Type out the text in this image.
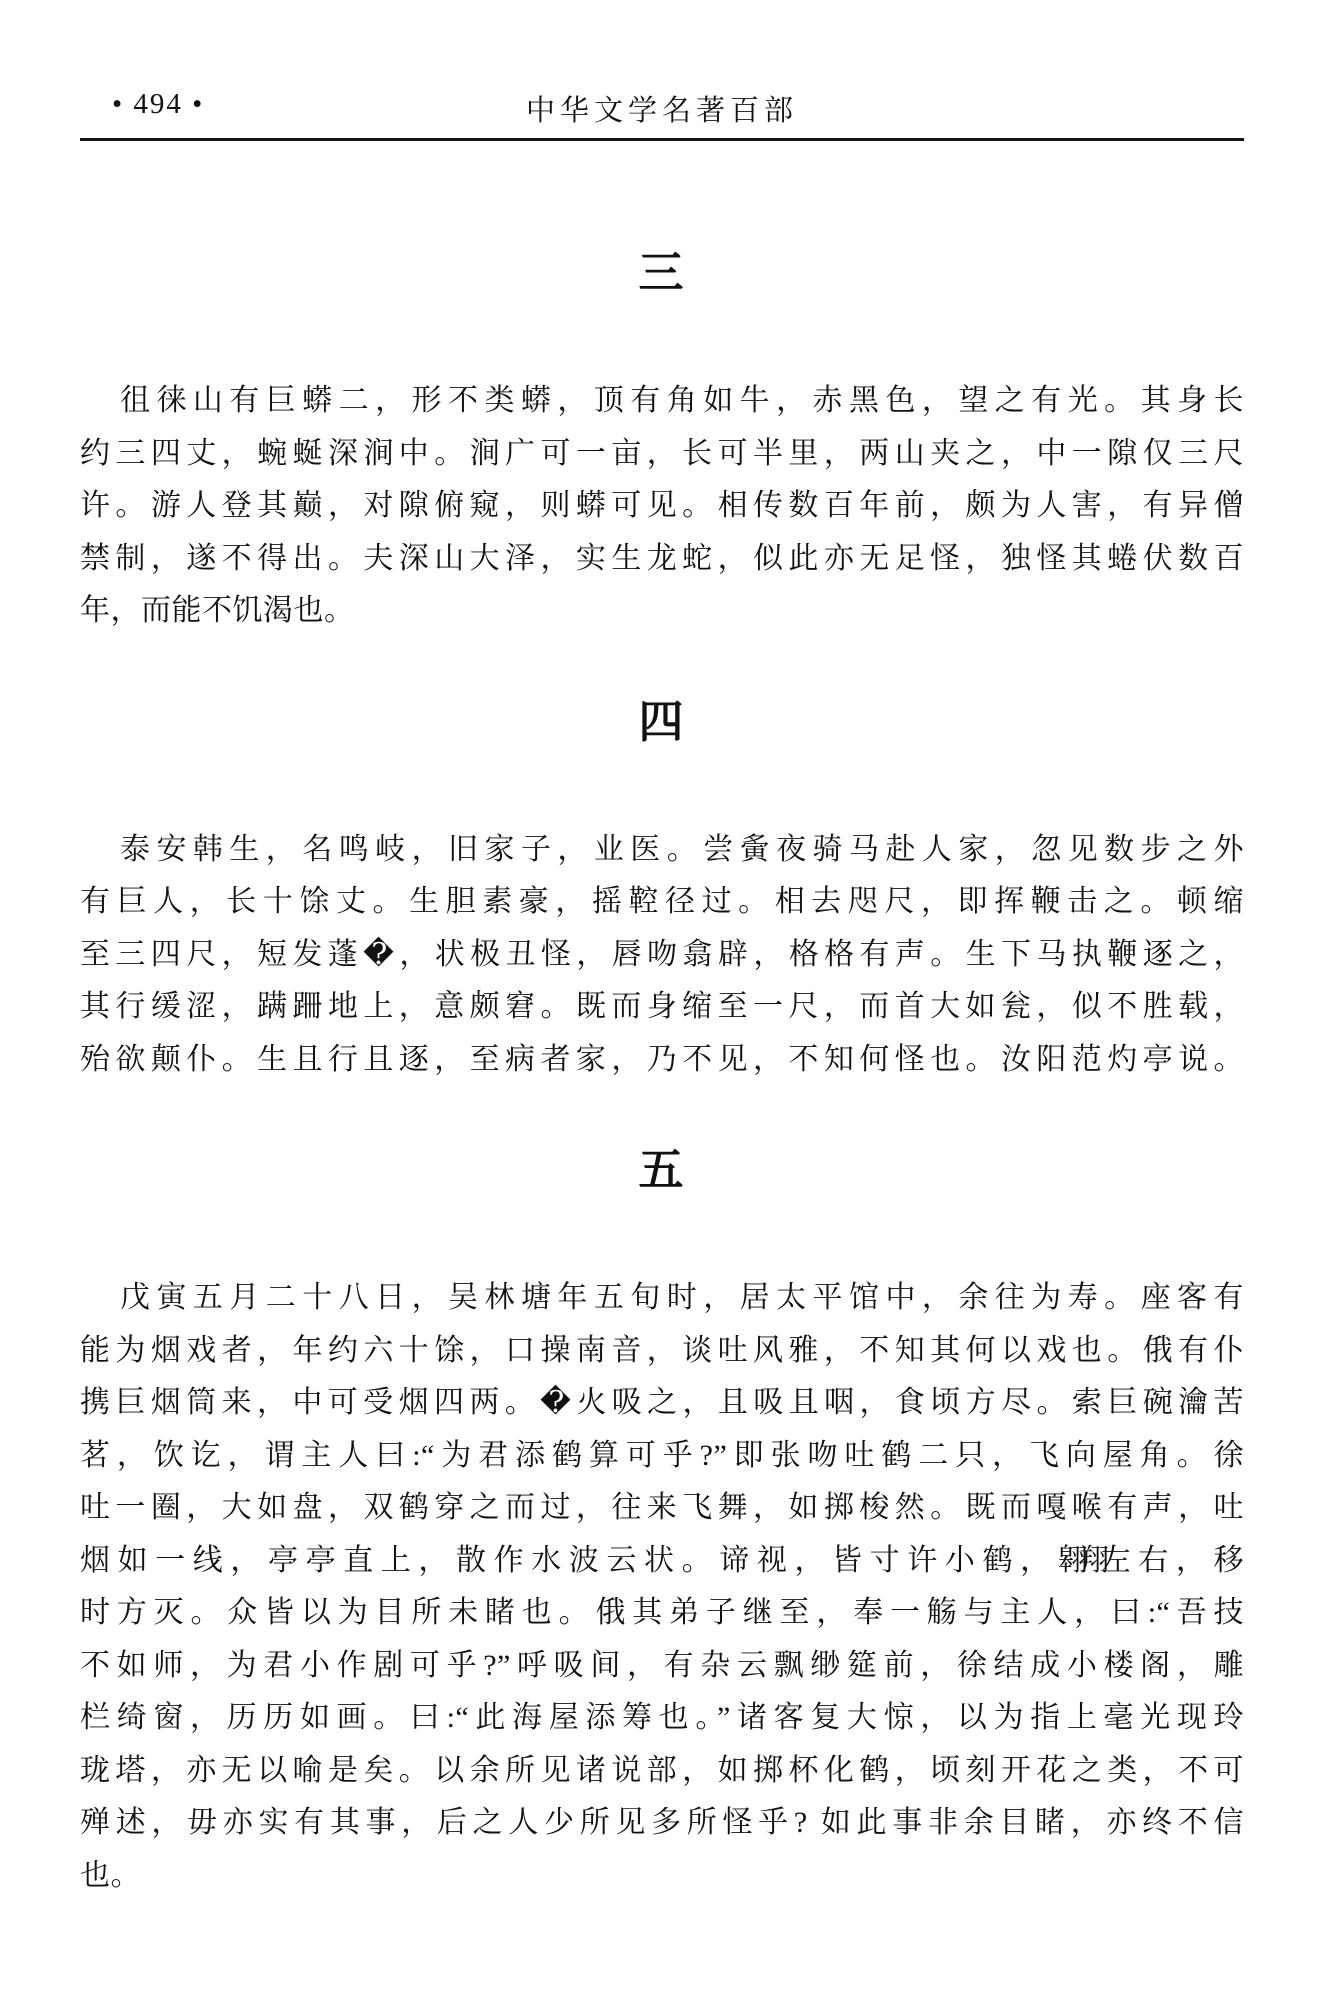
• 494 •	中华文学名著百部
三
徂徕山有巨蟒二，形不类蟒，顶有角如牛，赤黑色，望之有光。其身长
约三四丈，蜿蜒深涧中。涧广可一亩，长可半里，两山夹之，中一隙仅三尺
许。游人登其巅，对隙俯窥，则蟒可见。相传数百年前，颇为人害，有异僧
禁制，遂不得出。夫深山大泽，实生龙蛇，似此亦无足怪，独怪其蜷伏数百
年，而能不饥渴也。
四
泰安韩生，名鸣岐，旧家子，业医。尝夤夜骑马赴人家，忽见数步之外
有巨人，长十馀丈。生胆素豪，摇鞚径过。相去咫尺，即挥鞭击之。顿缩
至三四尺，短发蓬�，状极丑怪，唇吻翕辟，格格有声。生下马执鞭逐之，
其行缓涩，蹒跚地上，意颇窘。既而身缩至一尺，而首大如瓮，似不胜载，
殆欲颠仆。生且行且逐，至病者家，乃不见，不知何怪也。汝阳范灼亭说。
五
戊寅五月二十八日，吴林塘年五旬时，居太平馆中，余往为寿。座客有
能为烟戏者，年约六十馀，口操南音，谈吐风雅，不知其何以戏也。俄有仆
携巨烟筒来，中可受烟四两。�火吸之，且吸且咽，食顷方尽。索巨碗瀹苦
茗，饮讫，谓主人曰:“为君添鹤算可乎?”即张吻吐鹤二只，飞向屋角。徐
吐一圈，大如盘，双鹤穿之而过，往来飞舞，如掷梭然。既而嘎喉有声，吐
烟如一线，亭亭直上，散作水波云状。谛视，皆寸许小鹤，翱翔左右，移
时方灭。众皆以为目所未睹也。俄其弟子继至，奉一觞与主人，曰:“吾技
不如师，为君小作剧可乎?”呼吸间，有杂云飘缈筵前，徐结成小楼阁，雕
栏绮窗，历历如画。曰:“此海屋添筹也。”诸客复大惊，以为指上毫光现玲
珑塔，亦无以喻是矣。以余所见诸说部，如掷杯化鹤，顷刻开花之类，不可
殚述，毋亦实有其事，后之人少所见多所怪乎? 如此事非余目睹，亦终不信
也。
